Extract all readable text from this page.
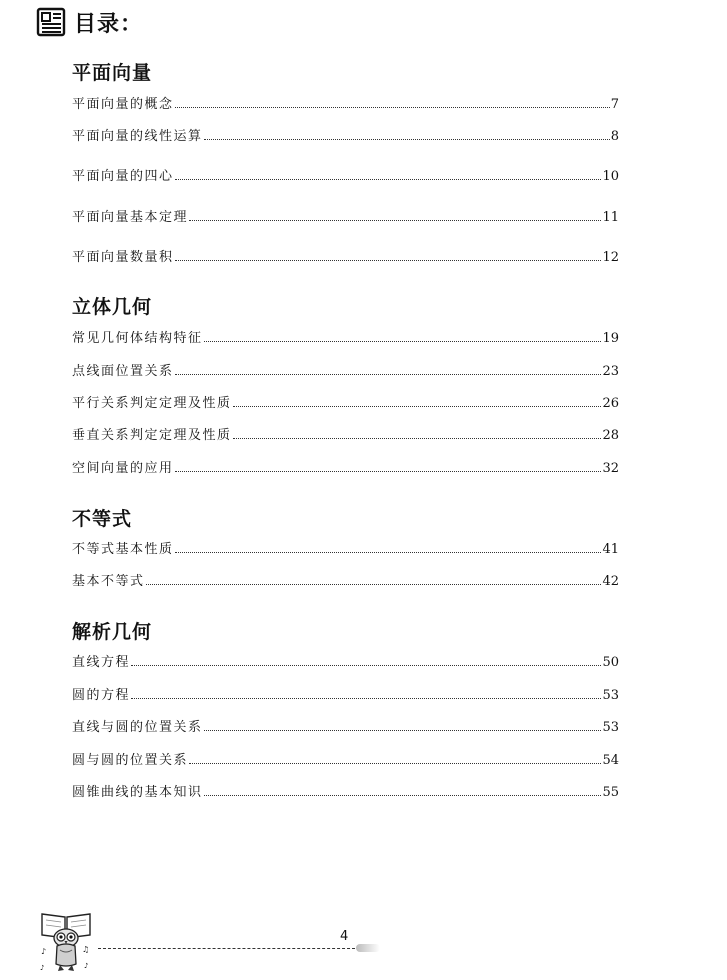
目录：
平面向量
平面向量的概念	7
平面向量的线性运算	8
平面向量的四心	10
平面向量基本定理	11
平面向量数量积	12
立体几何
常见几何体结构特征	19
点线面位置关系	23
平行关系判定定理及性质	26
垂直关系判定定理及性质	28
空间向量的应用	32
不等式
不等式基本性质	41
基本不等式	42
解析几何
直线方程	50
圆的方程	53
直线与圆的位置关系	53
圆与圆的位置关系	54
圆锥曲线的基本知识	55
♪	♫
♪	♪
4
